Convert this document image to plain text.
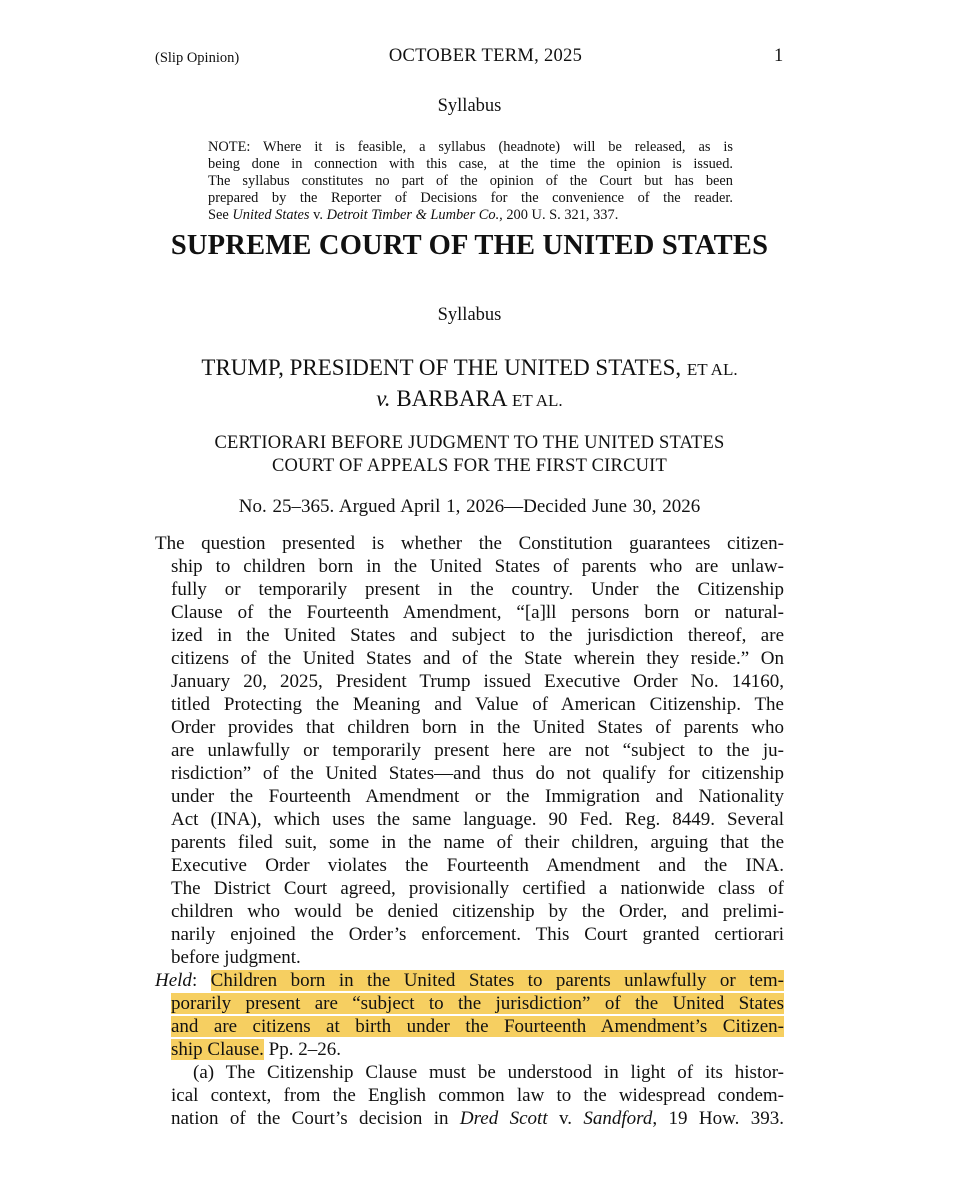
(Slip Opinion)	OCTOBER TERM, 2025	1
Syllabus
NOTE: Where it is feasible, a syllabus (headnote) will be released, as is
being done in connection with this case, at the time the opinion is issued.
The syllabus constitutes no part of the opinion of the Court but has been
prepared by the Reporter of Decisions for the convenience of the reader.
See United States v. Detroit Timber & Lumber Co., 200 U. S. 321, 337.
SUPREME COURT OF THE UNITED STATES
Syllabus
TRUMP, PRESIDENT OF THE UNITED STATES, ET AL.
v. BARBARA ET AL.
CERTIORARI BEFORE JUDGMENT TO THE UNITED STATES
COURT OF APPEALS FOR THE FIRST CIRCUIT
No. 25–365. Argued April 1, 2026—Decided June 30, 2026
The question presented is whether the Constitution guarantees citizen-
ship to children born in the United States of parents who are unlaw-
fully or temporarily present in the country. Under the Citizenship
Clause of the Fourteenth Amendment, “[a]ll persons born or natural-
ized in the United States and subject to the jurisdiction thereof, are
citizens of the United States and of the State wherein they reside.” On
January 20, 2025, President Trump issued Executive Order No. 14160,
titled Protecting the Meaning and Value of American Citizenship. The
Order provides that children born in the United States of parents who
are unlawfully or temporarily present here are not “subject to the ju-
risdiction” of the United States—and thus do not qualify for citizenship
under the Fourteenth Amendment or the Immigration and Nationality
Act (INA), which uses the same language. 90 Fed. Reg. 8449. Several
parents filed suit, some in the name of their children, arguing that the
Executive Order violates the Fourteenth Amendment and the INA.
The District Court agreed, provisionally certified a nationwide class of
children who would be denied citizenship by the Order, and prelimi-
narily enjoined the Order’s enforcement. This Court granted certiorari
before judgment.
Held: Children born in the United States to parents unlawfully or tem-
porarily present are “subject to the jurisdiction” of the United States
and are citizens at birth under the Fourteenth Amendment’s Citizen-
ship Clause. Pp. 2–26.
(a) The Citizenship Clause must be understood in light of its histor-
ical context, from the English common law to the widespread condem-
nation of the Court’s decision in Dred Scott v. Sandford, 19 How. 393.
